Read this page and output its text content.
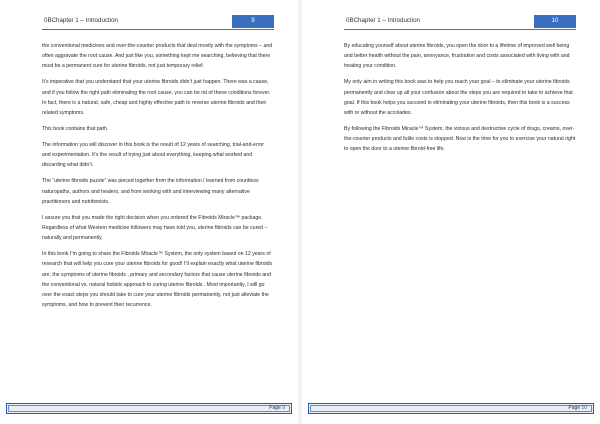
0BChapter 1 – Introduction	9

the conventional medicines and over-the-counter products that deal mostly with the symptoms – and often aggravate the root cause. And just like you, something kept me searching, believing that there must be a permanent cure for uterine fibroids, not just temporary relief.

It’s imperative that you understand that your uterine fibroids didn’t just happen. There was a cause, and if you follow the right path eliminating the root cause, you can be rid of these conditions forever. In fact, there is a natural, safe, cheap and highly effective path to reverse uterine fibroids and their related symptoms.

This book contains that path.

The information you will discover in this book is the result of 12 years of searching, trial-and-error and experimentation. It’s the result of trying just about everything, keeping what worked and discarding what didn’t.

The “uterine fibroids puzzle” was pieced together from the information I learned from countless naturopaths, authors and healers, and from working with and interviewing many alternative practitioners and nutritionists.

I assure you that you made the right decision when you ordered the Fibroids Miracle™ package. Regardless of what Western medicine followers may have told you, uterine fibroids can be cured – naturally and permanently.

In this book I’m going to share the Fibroids Miracle™ System, the only system based on 12 years of research that will help you cure your uterine fibroids for good! I’ll explain exactly what uterine fibroids are, the symptoms of uterine fibroids , primary and secondary factors that cause uterine fibroids and the conventional vs. natural holistic approach to curing uterine fibroids . Most importantly, I will go over the exact steps you should take to cure your uterine fibroids permanently, not just alleviate the symptoms, and how to prevent their recurrence.

Page 9
0BChapter 1 – Introduction	10

By educating yourself about uterine fibroids, you open the door to a lifetime of improved well being and better health without the pain, annoyance, frustration and costs associated with living with and treating your condition.

My only aim in writing this book was to help you reach your goal – to eliminate your uterine fibroids permanently and clear up all your confusion about the steps you are required to take to achieve that goal. If this book helps you succeed in eliminating your uterine fibroids, then this book is a success with or without the accolades.

By following the Fibroids Miracle™ System, the vicious and destructive cycle of drugs, creams, over-the-counter products and futile costs is stopped. Now is the time for you to exercise your natural right to open the door to a uterine fibroid-free life.

Page 10
